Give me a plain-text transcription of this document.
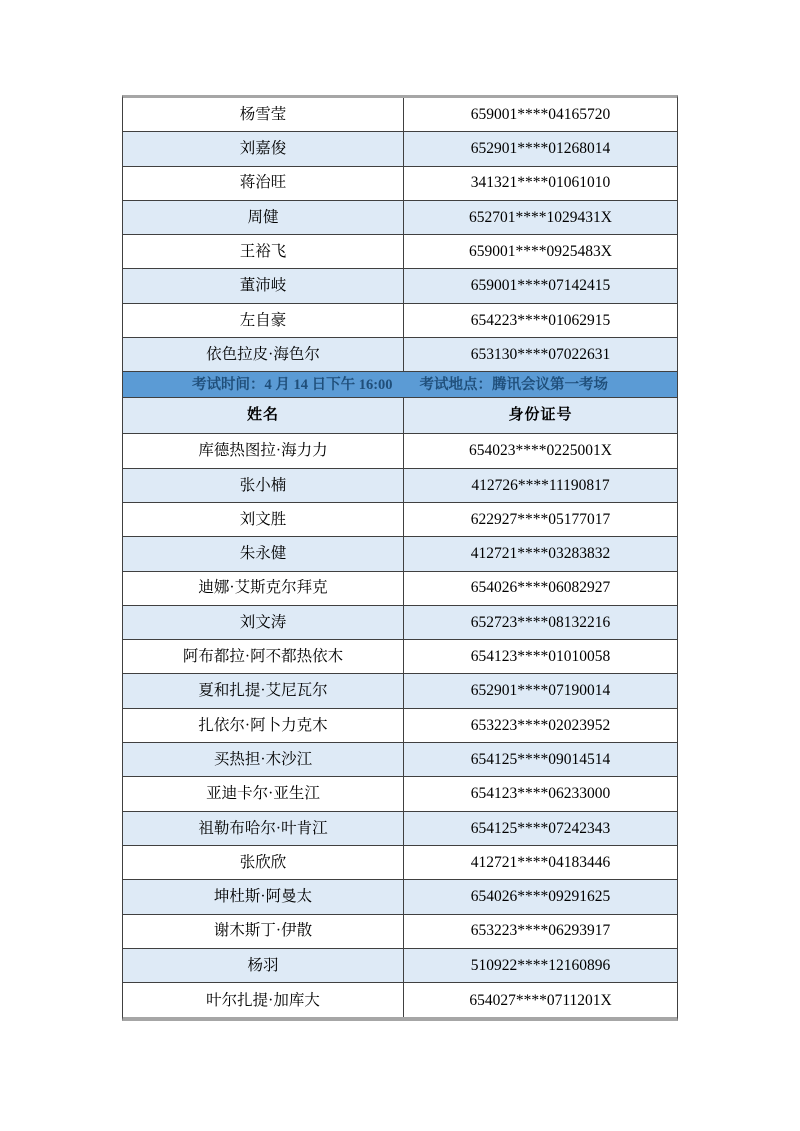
杨雪莹	659001****04165720
刘嘉俊	652901****01268014
蒋治旺	341321****01061010
周健	652701****1029431X
王裕飞	659001****0925483X
董沛岐	659001****07142415
左自豪	654223****01062915
依色拉皮·海色尔	653130****07022631
考试时间：4 月 14 日下午 16:00 考试地点：腾讯会议第一考场
姓名	身份证号
库德热图拉·海力力	654023****0225001X
张小楠	412726****11190817
刘文胜	622927****05177017
朱永健	412721****03283832
迪娜·艾斯克尔拜克	654026****06082927
刘文涛	652723****08132216
阿布都拉·阿不都热依木	654123****01010058
夏和扎提·艾尼瓦尔	652901****07190014
扎依尔·阿卜力克木	653223****02023952
买热担·木沙江	654125****09014514
亚迪卡尔·亚生江	654123****06233000
祖勒布哈尔·叶肯江	654125****07242343
张欣欣	412721****04183446
坤杜斯·阿曼太	654026****09291625
谢木斯丁·伊散	653223****06293917
杨羽	510922****12160896
叶尔扎提·加库大	654027****0711201X
